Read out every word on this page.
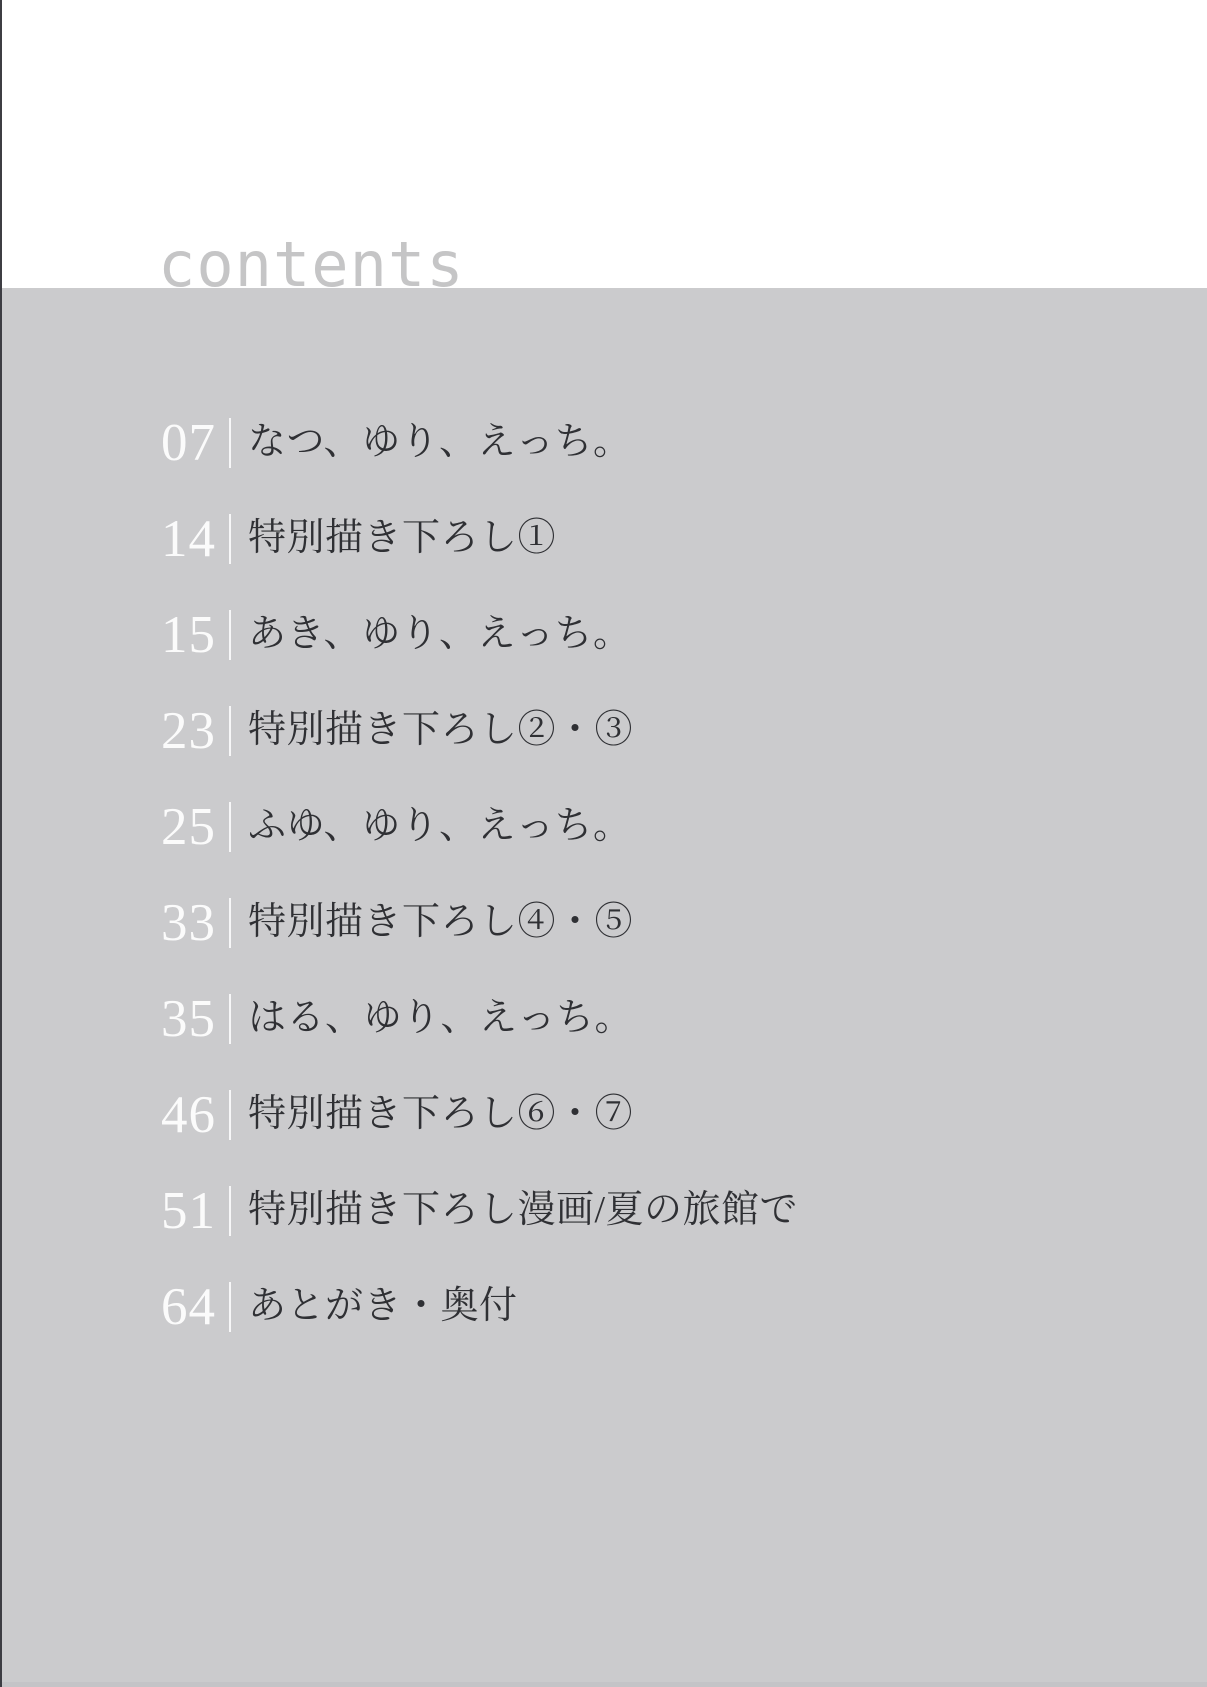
contents
07 なつ、ゆり、えっち。
14 特別描き下ろし①
15 あき、ゆり、えっち。
23 特別描き下ろし②・③
25 ふゆ、ゆり、えっち。
33 特別描き下ろし④・⑤
35 はる、ゆり、えっち。
46 特別描き下ろし⑥・⑦
51 特別描き下ろし漫画/夏の旅館で
64 あとがき・奥付
